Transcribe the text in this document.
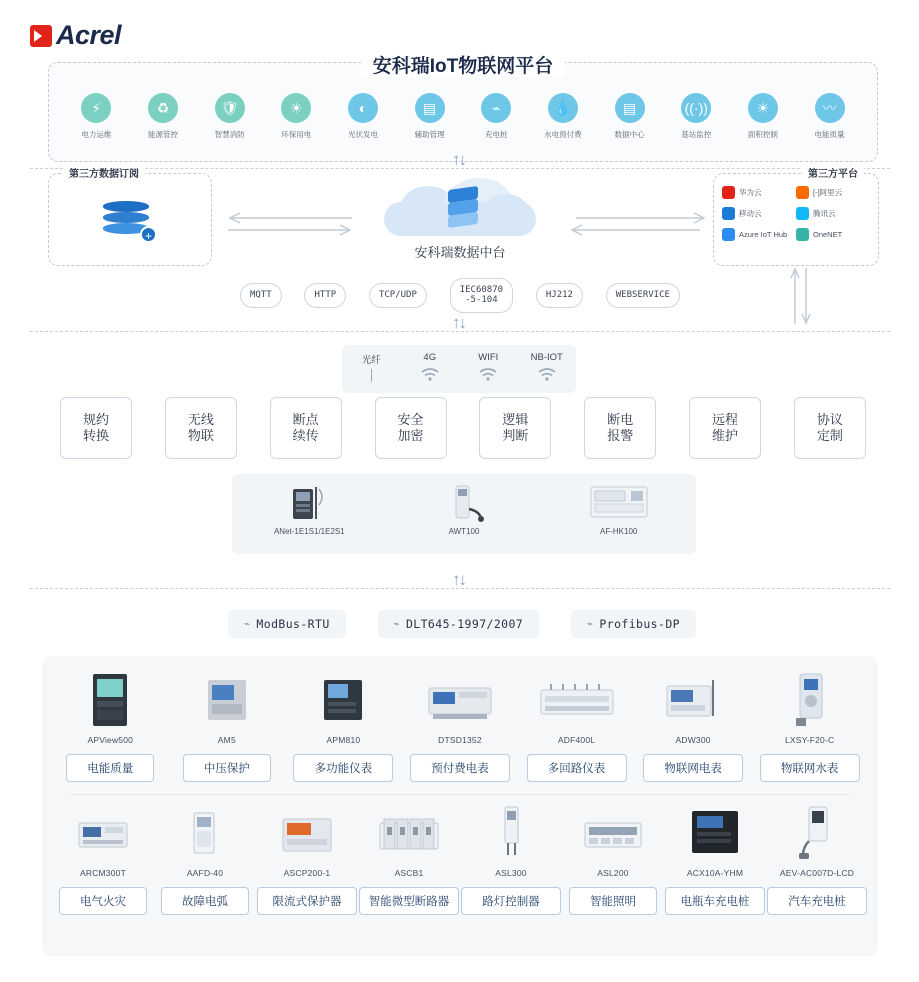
Acrel
安科瑞IoT物联网平台
⚡
电力运维
♻
能源管控
🛡
智慧消防
☀
环保用电
◐
光伏发电
▤
辅助管理
⌁
充电桩
💧
水电预付费
▤
数据中心
((·))
基站监控
☀
面积控制
〰
电能质量
↑↓
第三方数据订阅
+
安科瑞数据中台
第三方平台
华为云	[-]阿里云
移动云	腾讯云
Azure IoT Hub	OneNET
MQTT	HTTP	TCP/UDP
IEC60870
-5-104
HJ212	WEBSERVICE
↑↓
光纤	4G	WIFI	NB-IOT
规约
转换
无线
物联
断点
续传
安全
加密
逻辑
判断
断电
报警
远程
维护
协议
定制
ANet-1E1S1/1E2S1	AWT100	AF-HK100
↑↓
⌁ ModBus-RTU	⌁ DLT645-1997/2007	⌁ Profibus-DP
APView500
电能质量
AM5
中压保护
APM810
多功能仪表
DTSD1352
预付费电表
ADF400L
多回路仪表
ADW300
物联网电表
LXSY-F20-C
物联网水表
ARCM300T
电气火灾
AAFD-40
故障电弧
ASCP200-1
限流式保护器
ASCB1
智能微型断路器
ASL300
路灯控制器
ASL200
智能照明
ACX10A-YHM
电瓶车充电桩
AEV-AC007D-LCD
汽车充电桩
